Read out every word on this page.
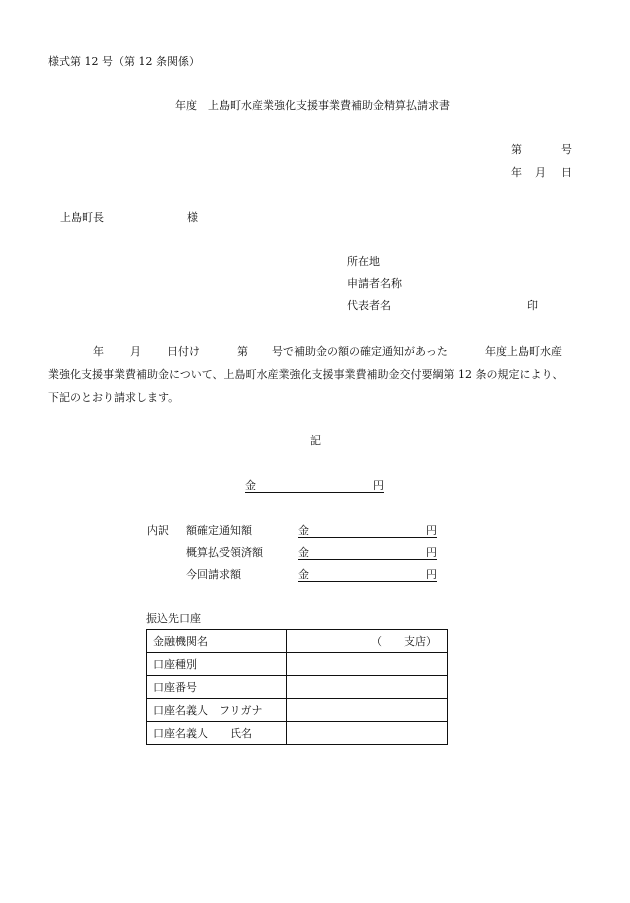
様式第 12 号（第 12 条関係）
年度　上島町水産業強化支援事業費補助金精算払請求書
第	号
年 月 日
上島町長	様
所在地
申請者名称
代表者名	印
年 月 日付け	第 号で補助金の額の確定通知があった	年度上島町水産
業強化支援事業費補助金について、上島町水産業強化支援事業費補助金交付要綱第 12 条の規定により、
下記のとおり請求します。
記
金	円
内訳 額確定通知額	金	円
概算払受領済額	金	円
今回請求額	金	円
振込先口座
金融機関名	（　　支店）
口座種別	
口座番号	
口座名義人　フリガナ	
口座名義人　　氏名	
